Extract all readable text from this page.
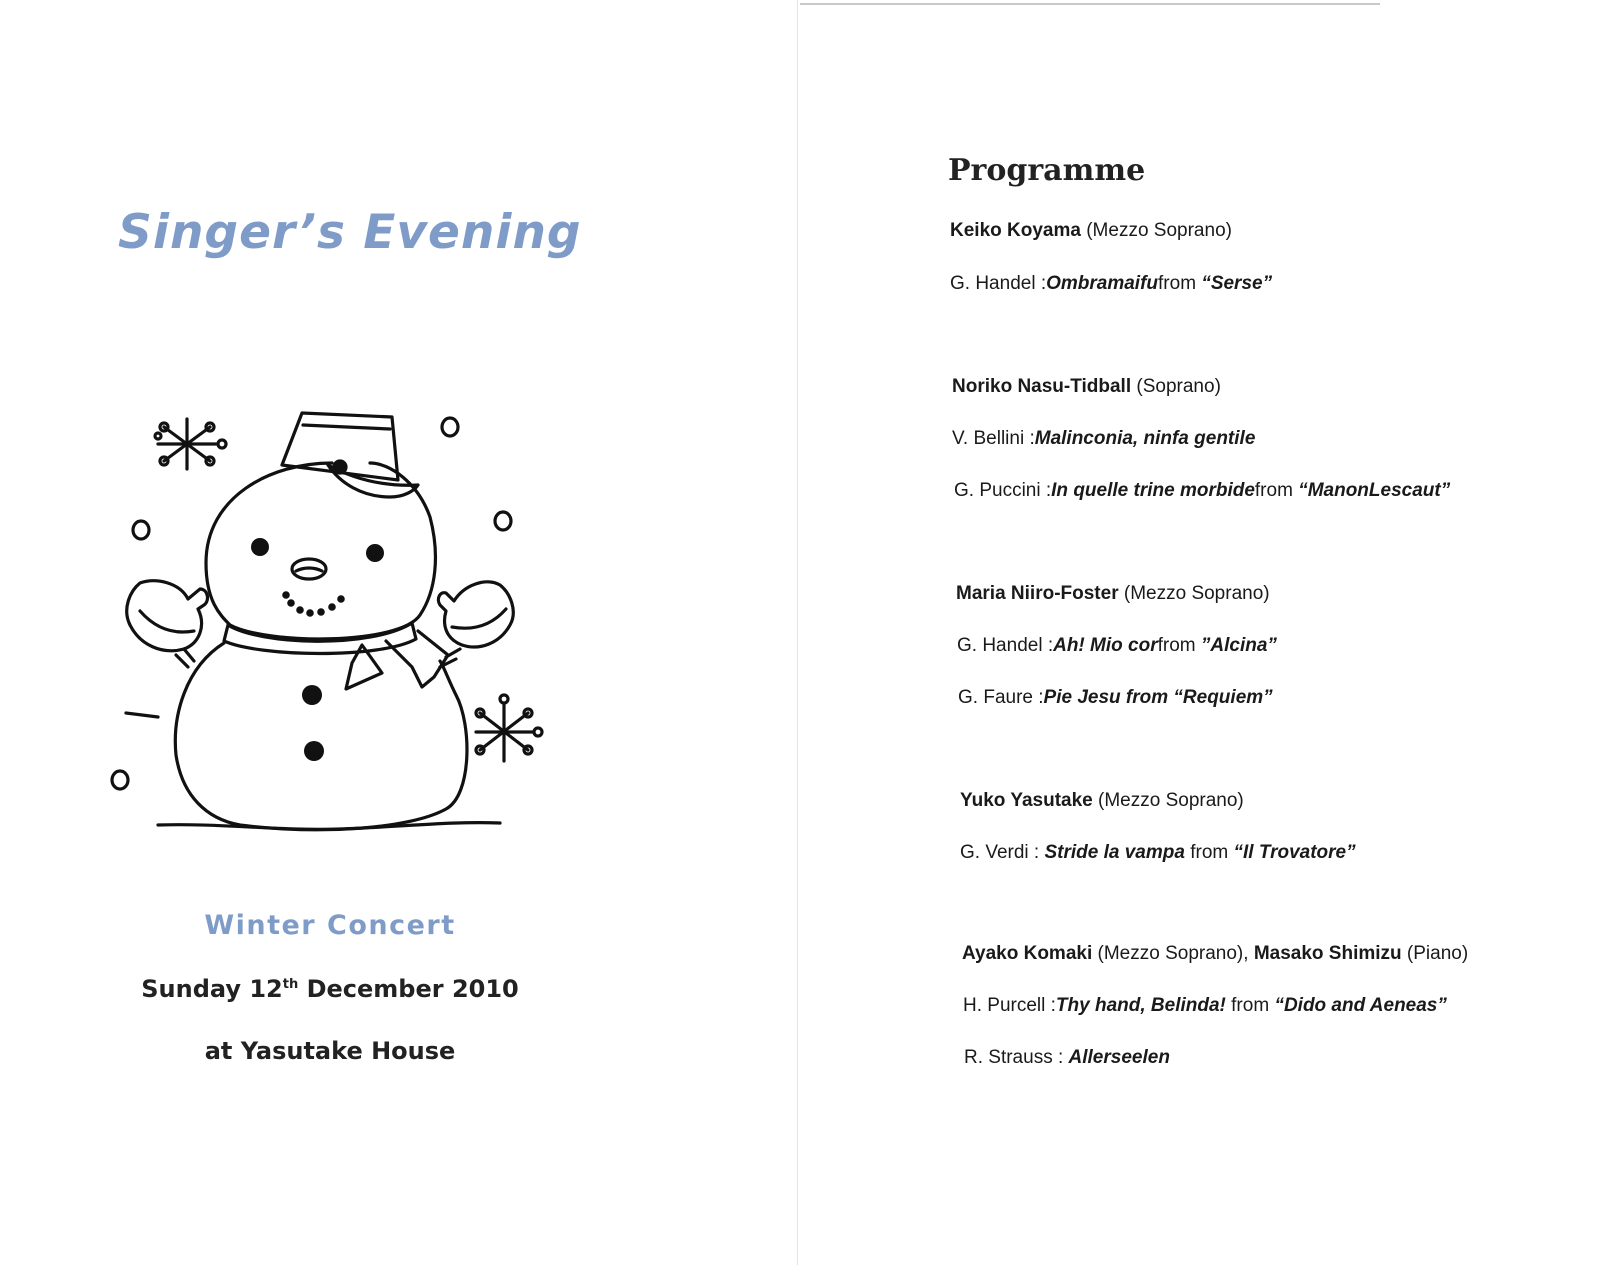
Singer’s Evening

Winter Concert

Sunday 12th December 2010

at Yasutake House

Programme

Keiko Koyama (Mezzo Soprano)

G. Handel :Ombramaifufrom “Serse”

Noriko Nasu-Tidball (Soprano)

V. Bellini :Malinconia, ninfa gentile

G. Puccini :In quelle trine morbidefrom “ManonLescaut”

Maria Niiro-Foster (Mezzo Soprano)

G. Handel :Ah! Mio corfrom ”Alcina”

G. Faure :Pie Jesu from “Requiem”

Yuko Yasutake (Mezzo Soprano)

G. Verdi : Stride la vampa from “Il Trovatore”

Ayako Komaki (Mezzo Soprano), Masako Shimizu (Piano)

H. Purcell :Thy hand, Belinda! from “Dido and Aeneas”

R. Strauss : Allerseelen
